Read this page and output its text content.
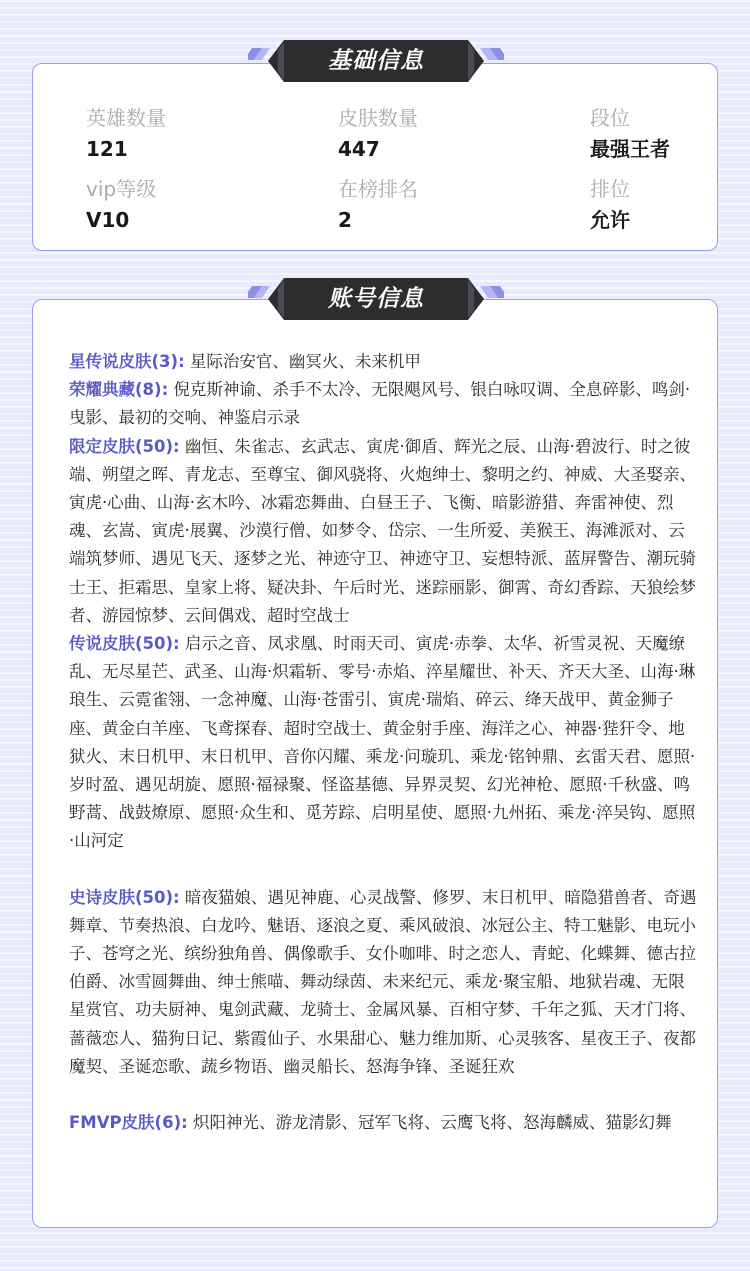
英雄数量
121
皮肤数量
447
段位
最强王者
vip等级
V10
在榜排名
2
排位
允许
基础信息

星传说皮肤(3): 星际治安官、幽冥火、未来机甲

荣耀典藏(8): 倪克斯神谕、杀手不太冷、无限飓风号、银白咏叹调、全息碎影、鸣剑·曳影、最初的交响、神鉴启示录

限定皮肤(50): 幽恒、朱雀志、玄武志、寅虎·御盾、辉光之辰、山海·碧波行、时之彼端、朔望之晖、青龙志、至尊宝、御风骁将、火炮绅士、黎明之约、神威、大圣娶亲、寅虎·心曲、山海·玄木吟、冰霜恋舞曲、白昼王子、飞衡、暗影游猎、奔雷神使、烈魂、玄嵩、寅虎·展翼、沙漠行僧、如梦令、岱宗、一生所爱、美猴王、海滩派对、云端筑梦师、遇见飞天、逐梦之光、神迹守卫、神迹守卫、妄想特派、蓝屏警告、潮玩骑士王、拒霜思、皇家上将、疑决卦、午后时光、迷踪丽影、御霄、奇幻香踪、天狼绘梦者、游园惊梦、云间偶戏、超时空战士

传说皮肤(50): 启示之音、凤求凰、时雨天司、寅虎·赤拳、太华、祈雪灵祝、天魔缭乱、无尽星芒、武圣、山海·炽霜斩、零号·赤焰、淬星耀世、补天、齐天大圣、山海·琳琅生、云霓雀翎、一念神魔、山海·苍雷引、寅虎·瑞焰、碎云、绛天战甲、黄金狮子座、黄金白羊座、飞鸢探春、超时空战士、黄金射手座、海洋之心、神器·狴犴令、地狱火、末日机甲、末日机甲、音你闪耀、乘龙·问璇玑、乘龙·铭钟鼎、玄雷天君、愿照·岁时盈、遇见胡旋、愿照·福禄聚、怪盗基德、异界灵契、幻光神枪、愿照·千秋盛、鸣野蒿、战鼓燎原、愿照·众生和、觅芳踪、启明星使、愿照·九州拓、乘龙·淬吴钩、愿照·山河定

史诗皮肤(50): 暗夜猫娘、遇见神鹿、心灵战警、修罗、末日机甲、暗隐猎兽者、奇遇舞章、节奏热浪、白龙吟、魅语、逐浪之夏、乘风破浪、冰冠公主、特工魅影、电玩小子、苍穹之光、缤纷独角兽、偶像歌手、女仆咖啡、时之恋人、青蛇、化蝶舞、德古拉伯爵、冰雪圆舞曲、绅士熊喵、舞动绿茵、未来纪元、乘龙·聚宝船、地狱岩魂、无限星赏官、功夫厨神、鬼剑武藏、龙骑士、金属风暴、百相守梦、千年之狐、天才门将、蔷薇恋人、猫狗日记、紫霞仙子、水果甜心、魅力维加斯、心灵骇客、星夜王子、夜都魔契、圣诞恋歌、蔬乡物语、幽灵船长、怒海争锋、圣诞狂欢

FMVP皮肤(6): 炽阳神光、游龙清影、冠军飞将、云鹰飞将、怒海麟威、猫影幻舞

账号信息
